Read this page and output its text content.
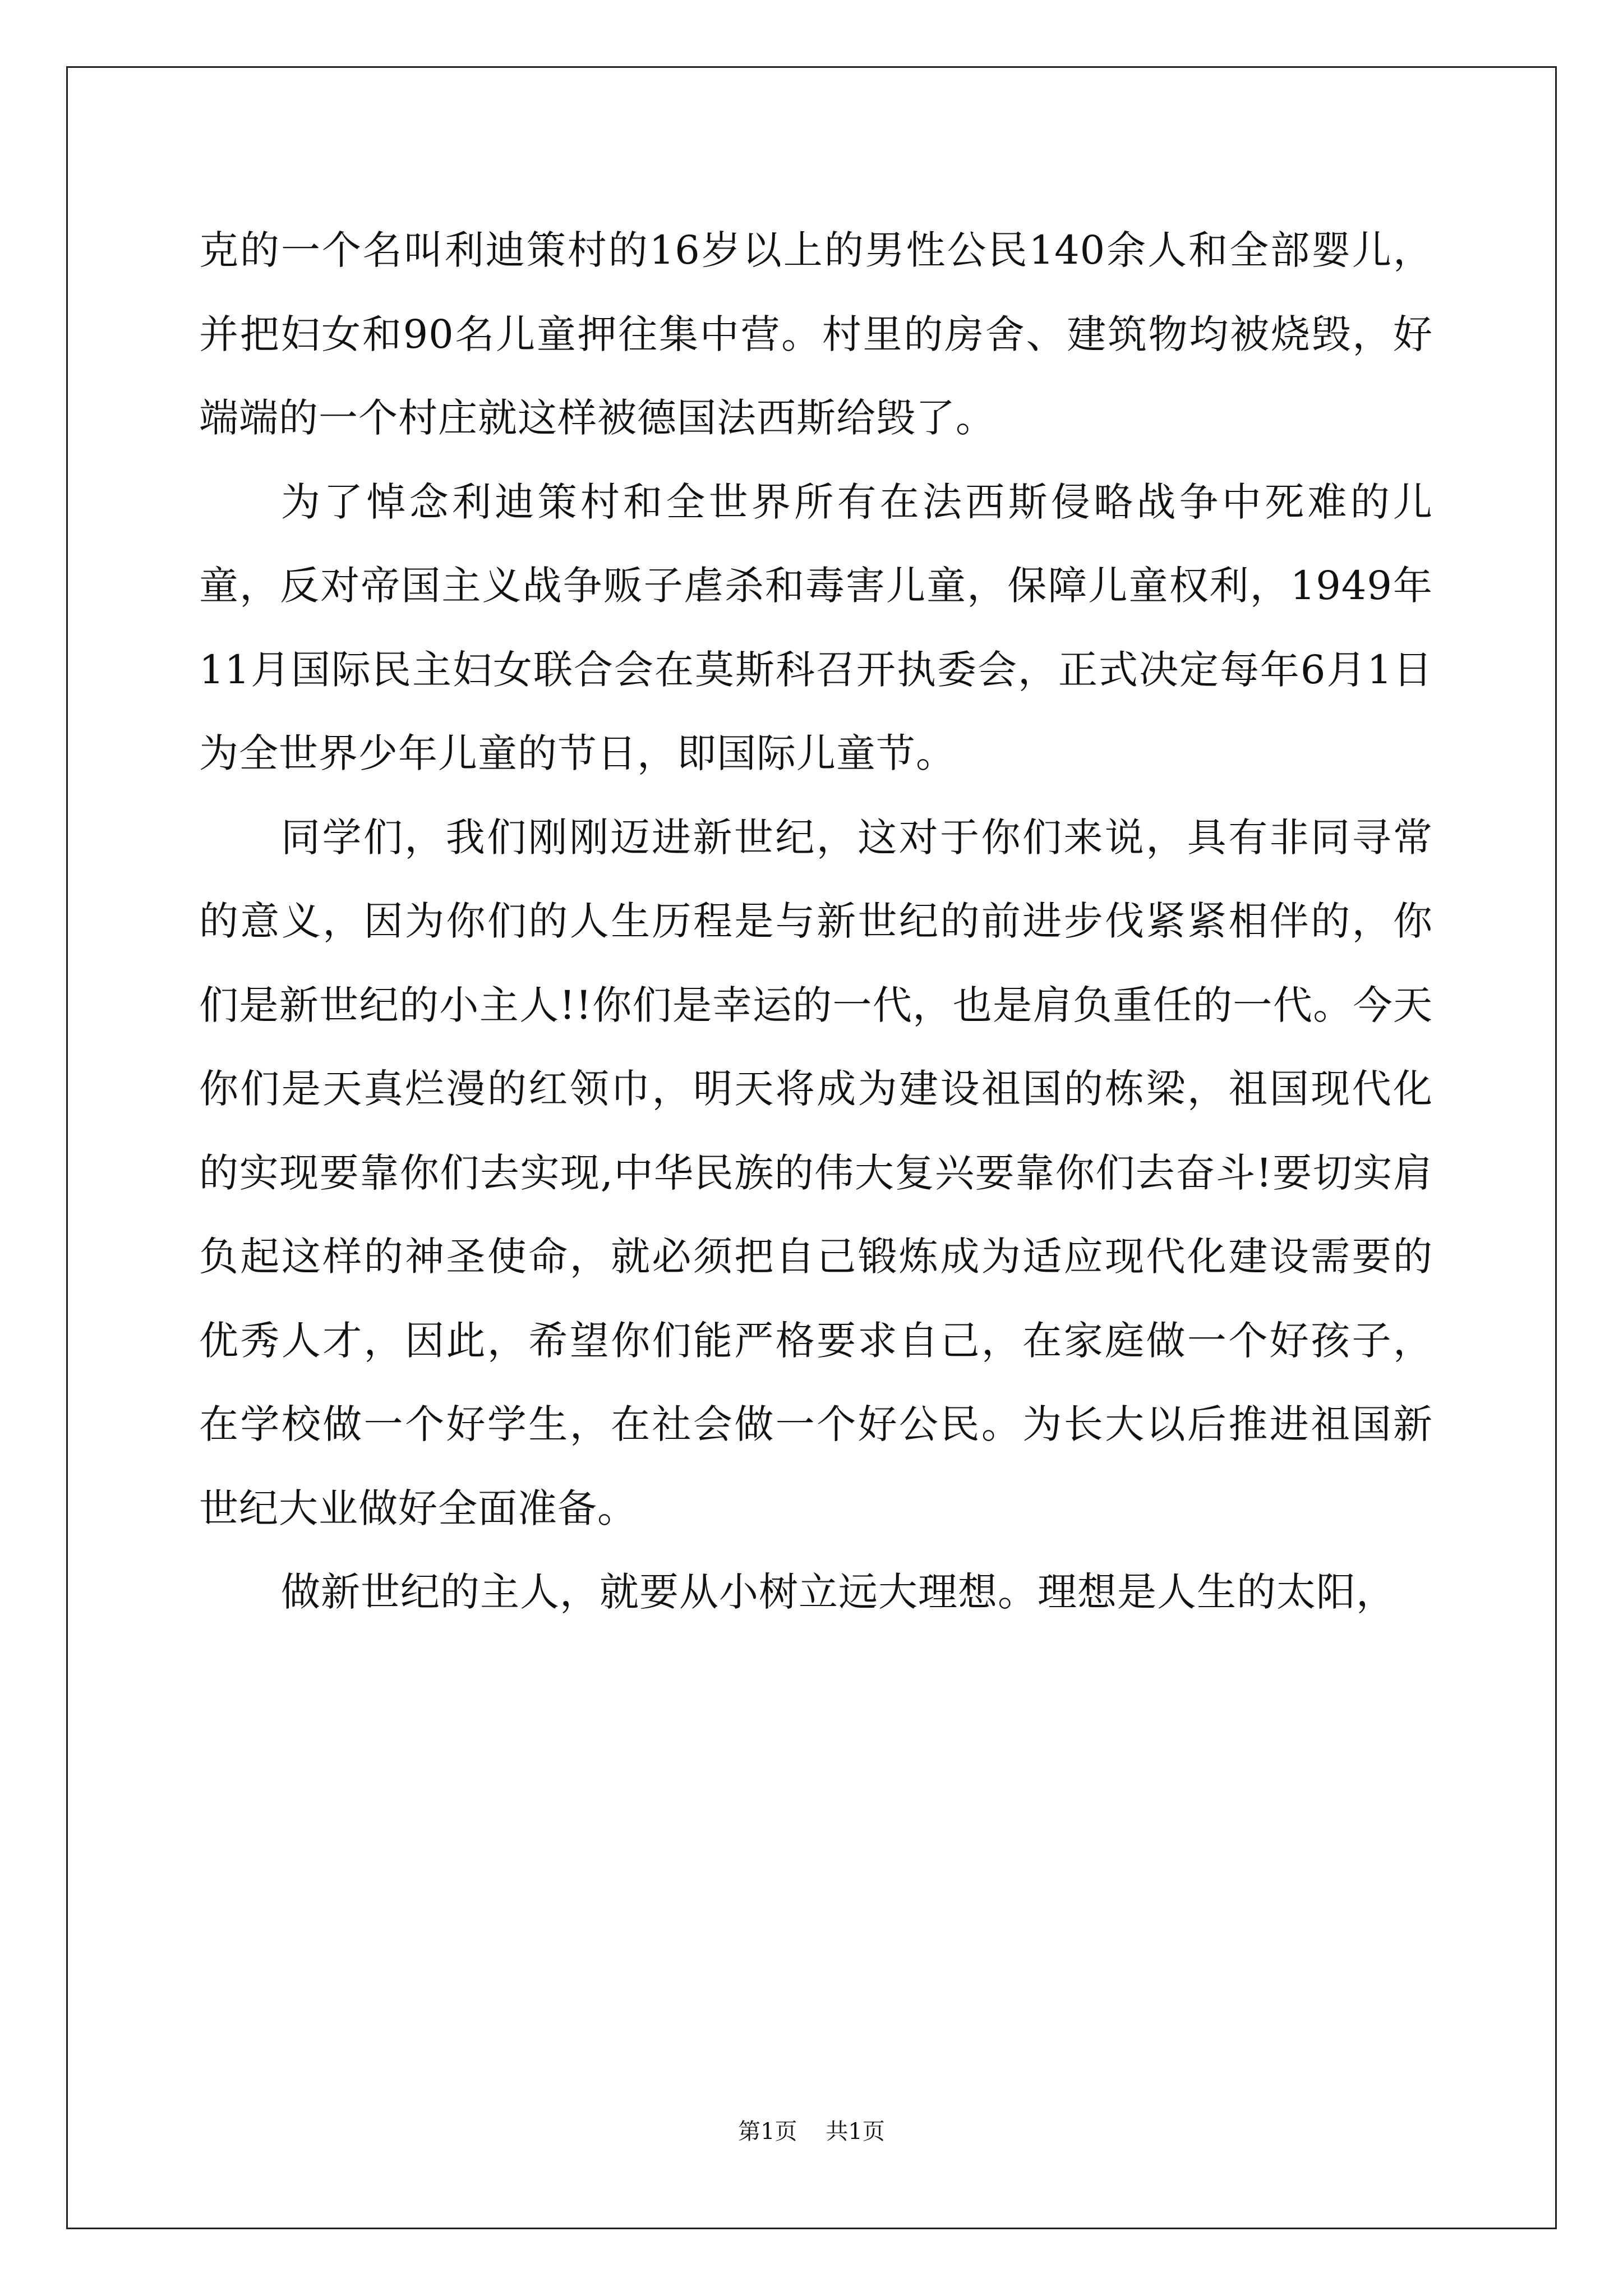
克的一个名叫利迪策村的16岁以上的男性公民140余人和全部婴儿，并把妇女和90名儿童押往集中营。村里的房舍、建筑物均被烧毁，好端端的一个村庄就这样被德国法西斯给毁了。

为了悼念利迪策村和全世界所有在法西斯侵略战争中死难的儿童，反对帝国主义战争贩子虐杀和毒害儿童，保障儿童权利，1949年11月国际民主妇女联合会在莫斯科召开执委会，正式决定每年6月1日为全世界少年儿童的节日，即国际儿童节。

同学们，我们刚刚迈进新世纪，这对于你们来说，具有非同寻常的意义，因为你们的人生历程是与新世纪的前进步伐紧紧相伴的，你们是新世纪的小主人!!你们是幸运的一代，也是肩负重任的一代。今天你们是天真烂漫的红领巾，明天将成为建设祖国的栋梁，祖国现代化的实现要靠你们去实现,中华民族的伟大复兴要靠你们去奋斗!要切实肩负起这样的神圣使命，就必须把自己锻炼成为适应现代化建设需要的优秀人才，因此，希望你们能严格要求自己，在家庭做一个好孩子，在学校做一个好学生，在社会做一个好公民。为长大以后推进祖国新世纪大业做好全面准备。

做新世纪的主人，就要从小树立远大理想。理想是人生的太阳，

第1页 共1页
